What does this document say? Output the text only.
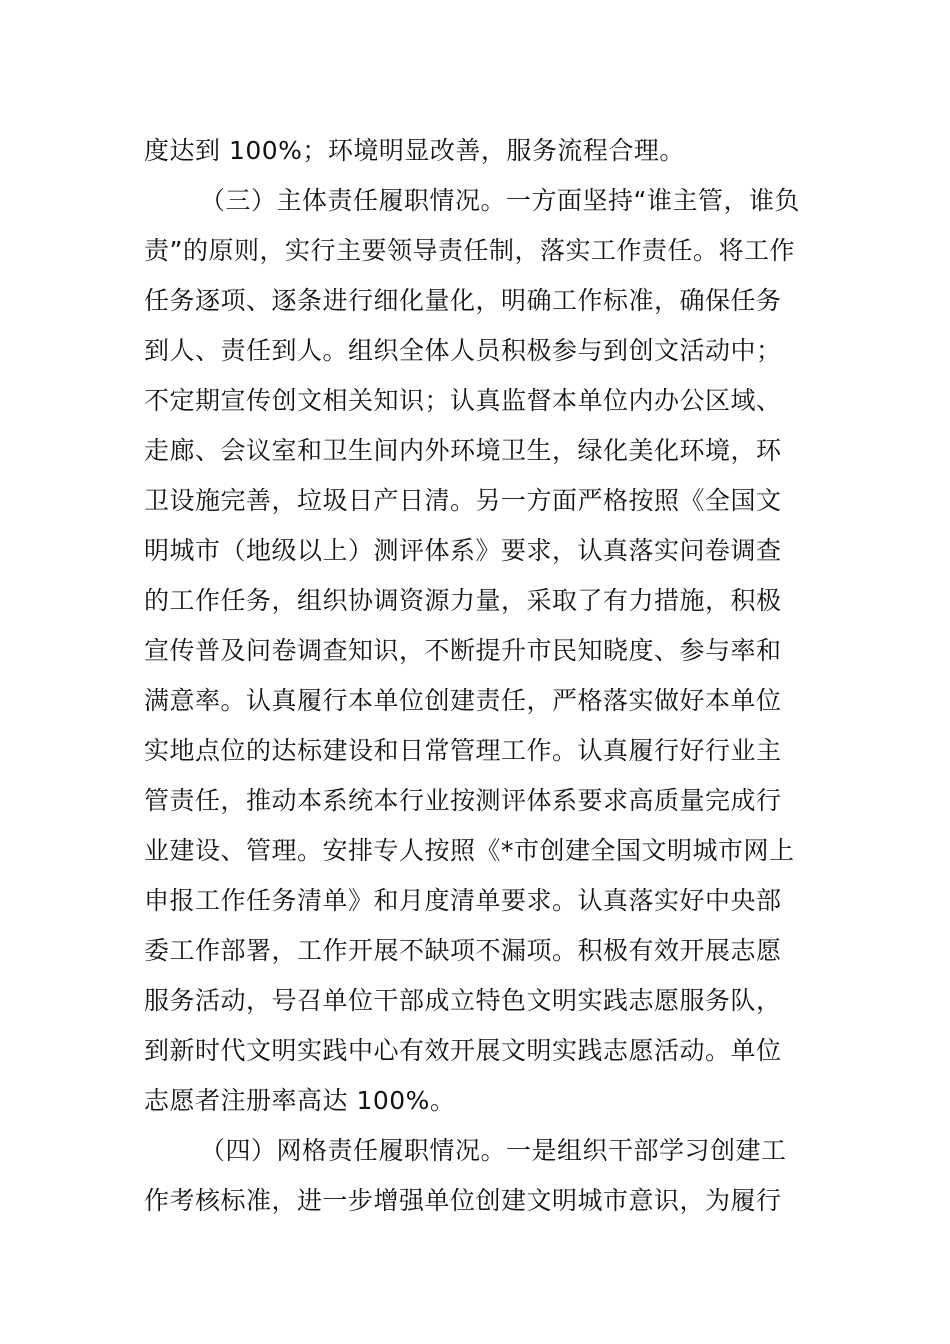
度达到 100%；环境明显改善，服务流程合理。
（三）主体责任履职情况。一方面坚持“谁主管，谁负
责”的原则，实行主要领导责任制，落实工作责任。将工作
任务逐项、逐条进行细化量化，明确工作标准，确保任务
到人、责任到人。组织全体人员积极参与到创文活动中；
不定期宣传创文相关知识；认真监督本单位内办公区域、
走廊、会议室和卫生间内外环境卫生，绿化美化环境，环
卫设施完善，垃圾日产日清。另一方面严格按照《全国文
明城市（地级以上）测评体系》要求，认真落实问卷调查
的工作任务，组织协调资源力量，采取了有力措施，积极
宣传普及问卷调查知识，不断提升市民知晓度、参与率和
满意率。认真履行本单位创建责任，严格落实做好本单位
实地点位的达标建设和日常管理工作。认真履行好行业主
管责任，推动本系统本行业按测评体系要求高质量完成行
业建设、管理。安排专人按照《*市创建全国文明城市网上
申报工作任务清单》和月度清单要求。认真落实好中央部
委工作部署，工作开展不缺项不漏项。积极有效开展志愿
服务活动，号召单位干部成立特色文明实践志愿服务队，
到新时代文明实践中心有效开展文明实践志愿活动。单位
志愿者注册率高达 100%。
（四）网格责任履职情况。一是组织干部学习创建工
作考核标准，进一步增强单位创建文明城市意识，为履行
